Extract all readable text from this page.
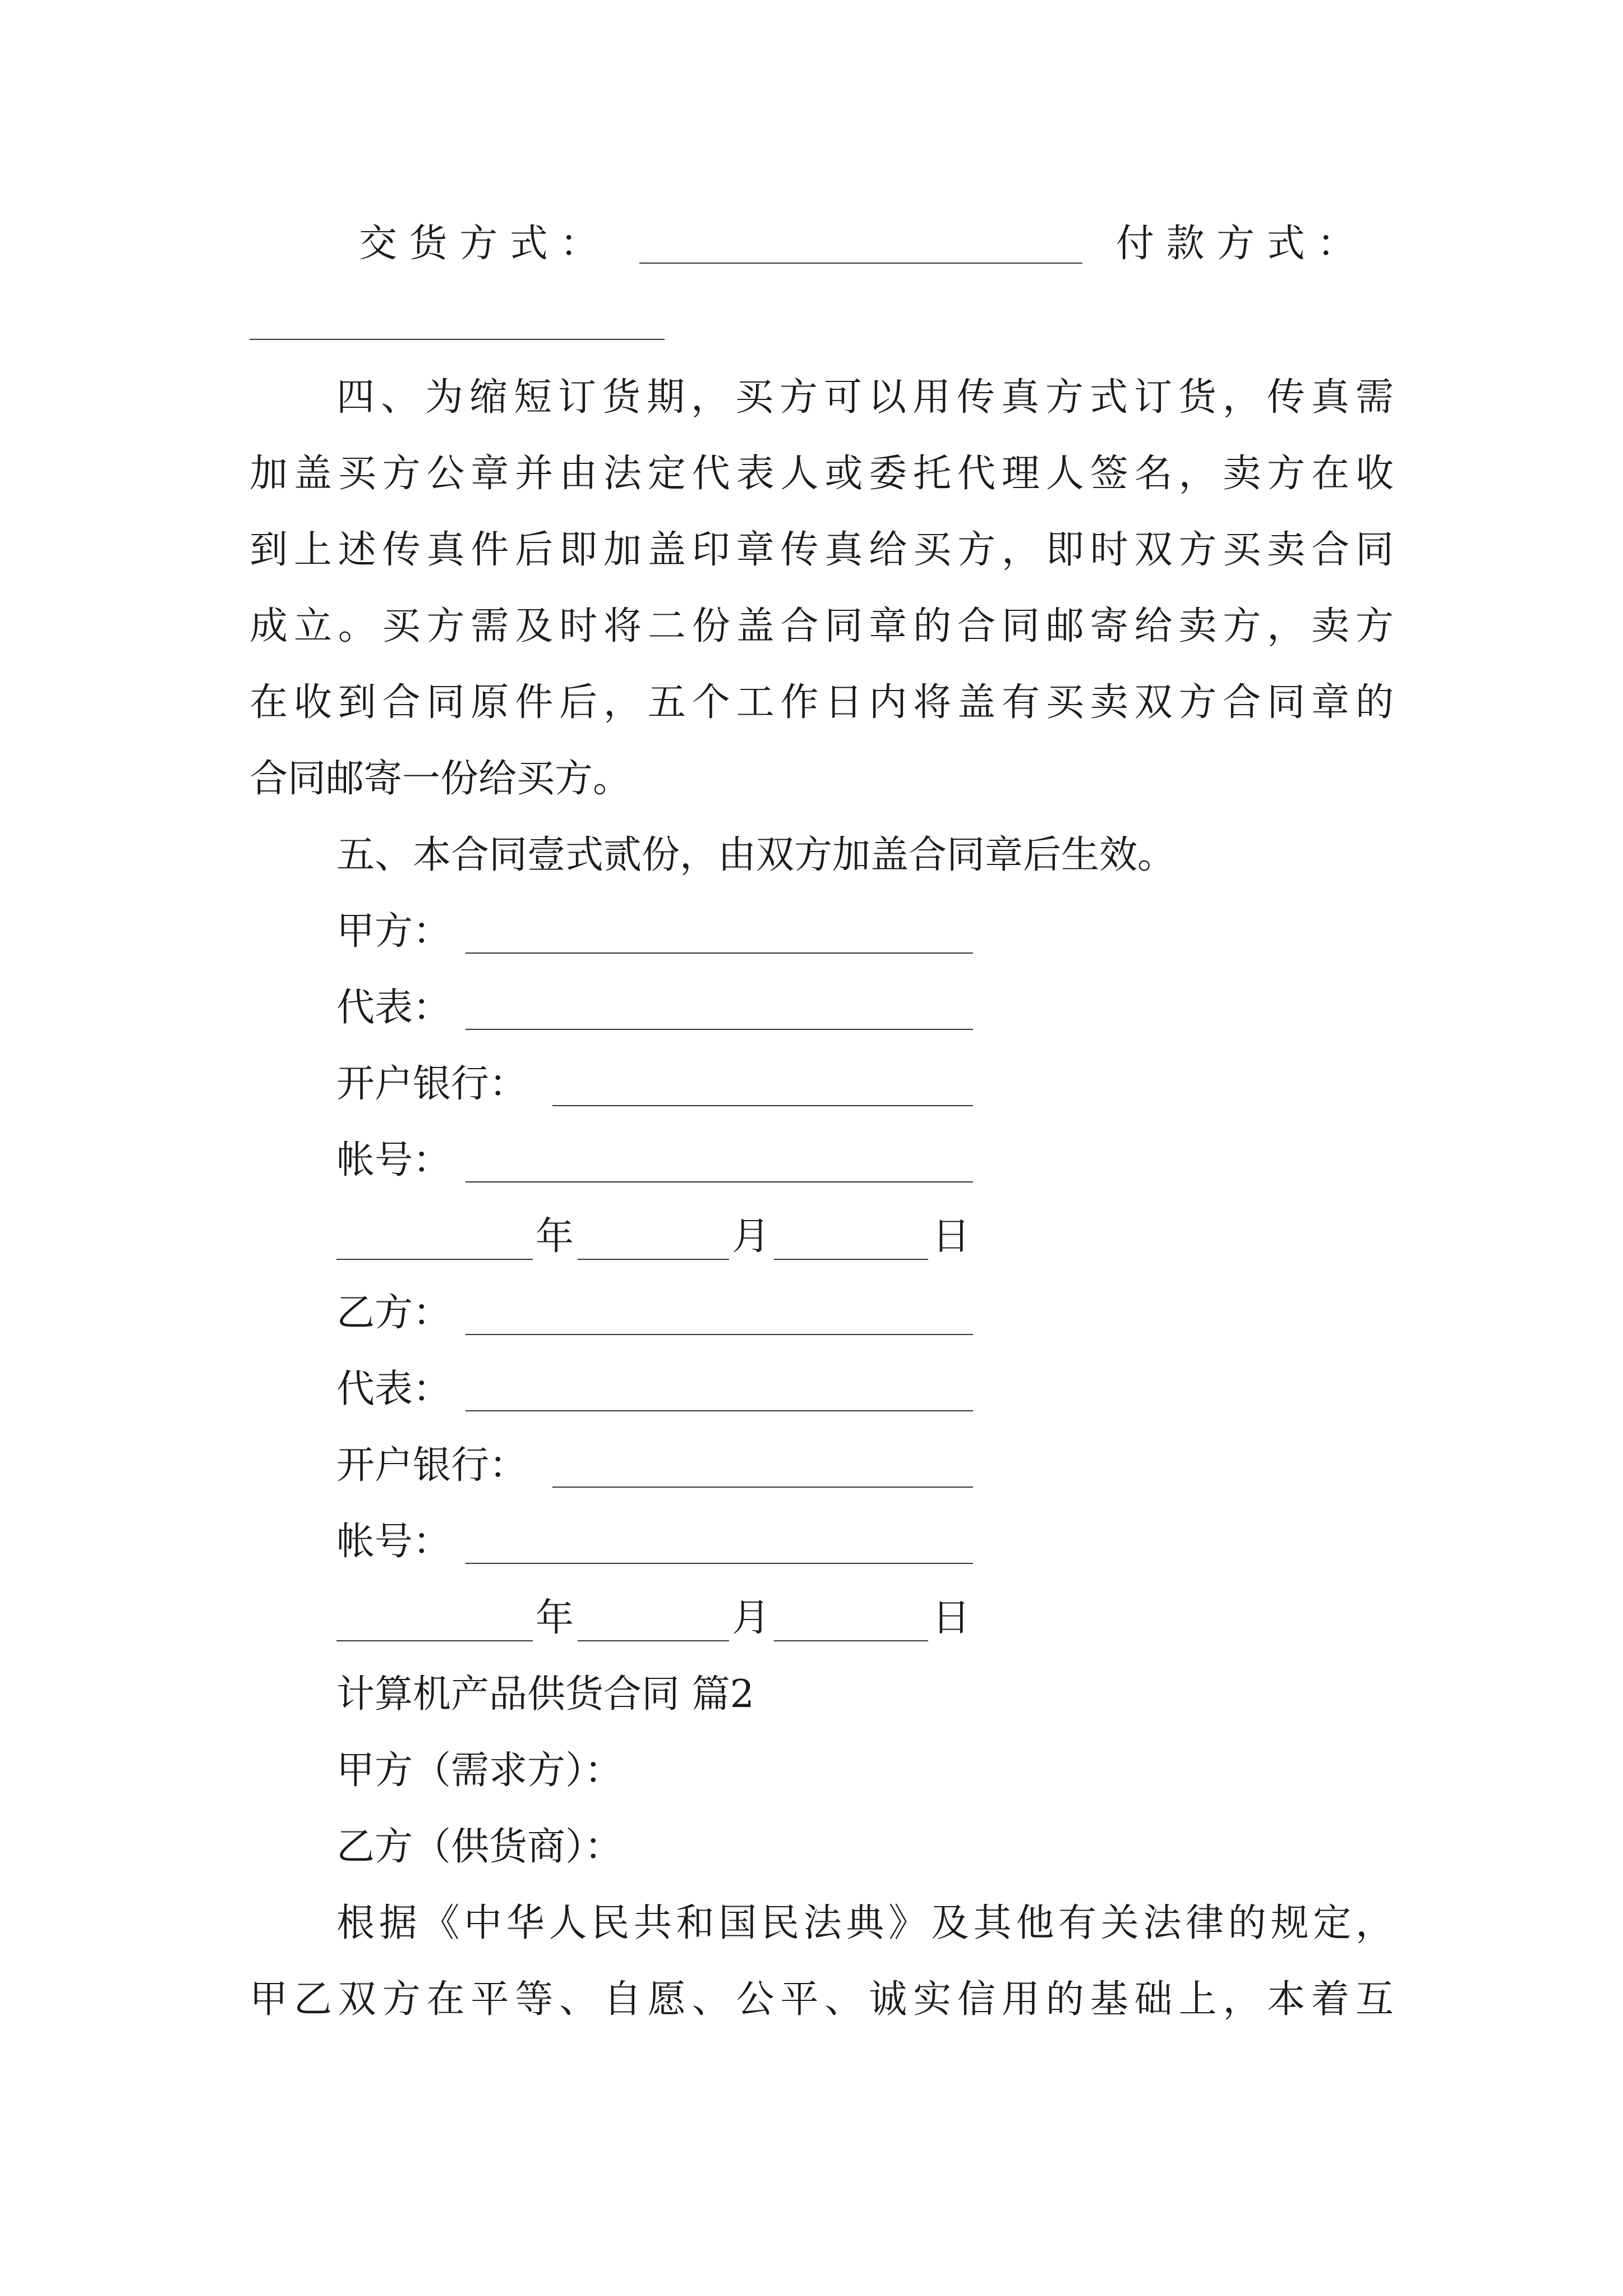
交 货 方 式 ：	付 款 方 式 ：
四、为缩短订货期，买方可以用传真方式订货，传真需
加盖买方公章并由法定代表人或委托代理人签名，卖方在收
到上述传真件后即加盖印章传真给买方，即时双方买卖合同
成立。买方需及时将二份盖合同章的合同邮寄给卖方，卖方
在收到合同原件后，五个工作日内将盖有买卖双方合同章的
合同邮寄一份给买方。
五、本合同壹式贰份，由双方加盖合同章后生效。
甲方：
代表：
开户银行：
帐号：
年	月	日
乙方：
代表：
开户银行：
帐号：
年	月	日
计算机产品供货合同 篇2
甲方（需求方）：
乙方（供货商）：
根据《中华人民共和国民法典》及其他有关法律的规定，
甲乙双方在平等、自愿、公平、诚实信用的基础上，本着互
